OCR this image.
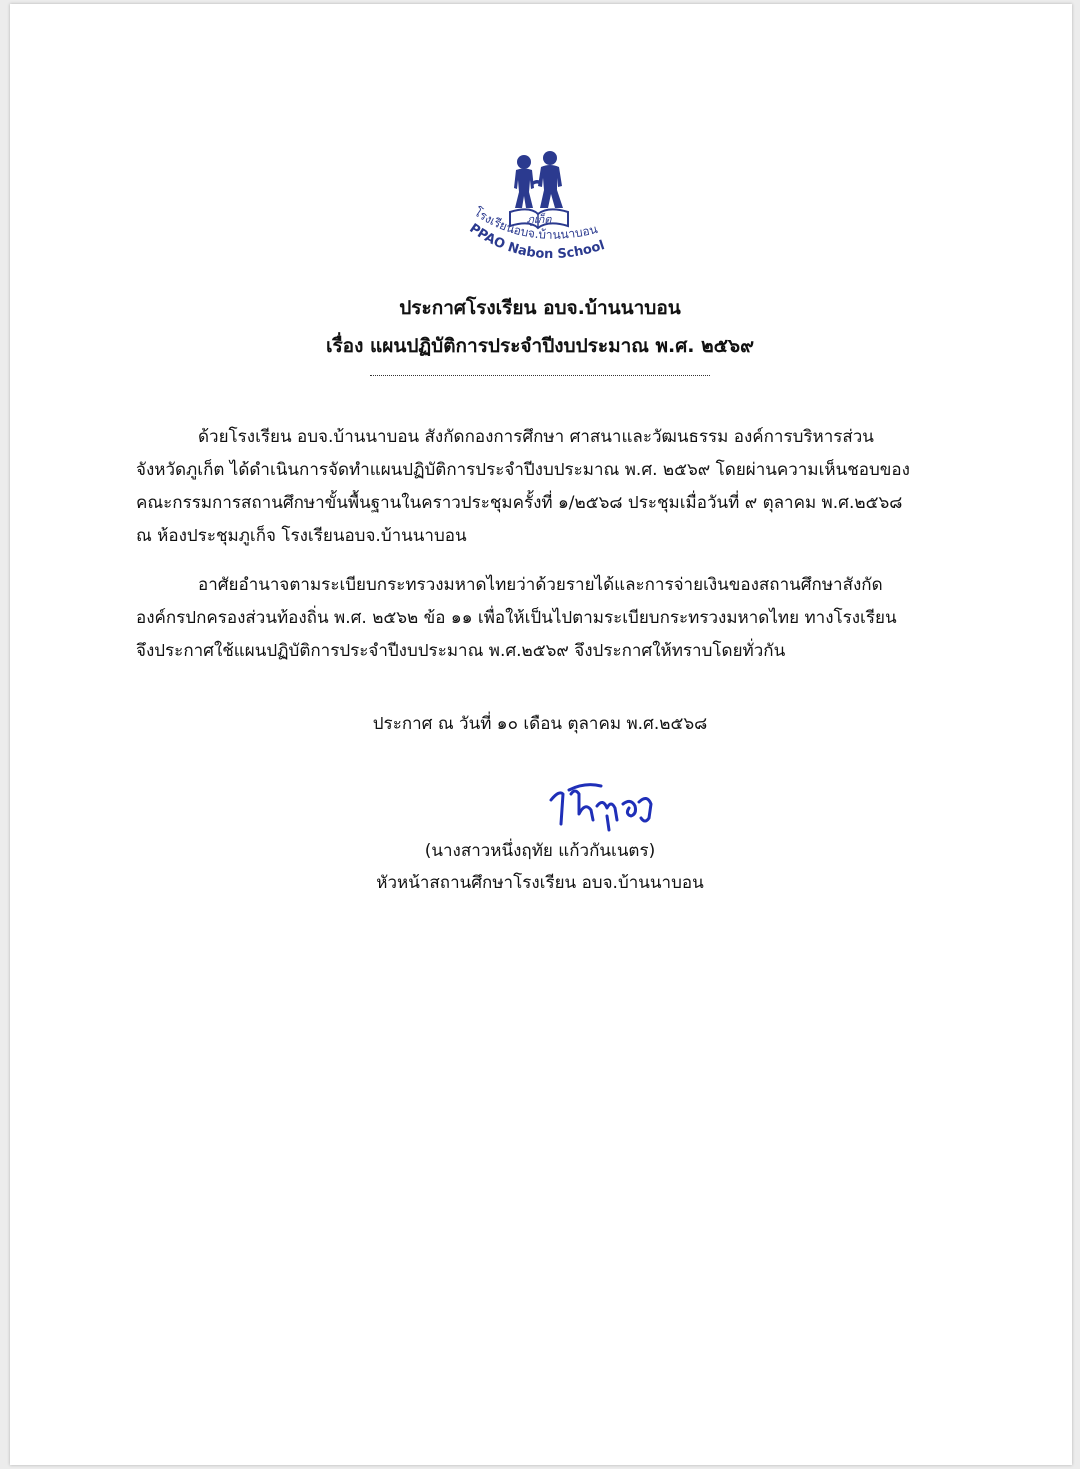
ภูเก็ต
โรงเรียนอบจ.บ้านนาบอน
PPAO Nabon School
ประกาศโรงเรียน อบจ.บ้านนาบอน
เรื่อง แผนปฏิบัติการประจำปีงบประมาณ พ.ศ. ๒๕๖๙
ด้วยโรงเรียน อบจ.บ้านนาบอน สังกัดกองการศึกษา ศาสนาและวัฒนธรรม องค์การบริหารส่วน
จังหวัดภูเก็ต ได้ดำเนินการจัดทำแผนปฏิบัติการประจำปีงบประมาณ พ.ศ. ๒๕๖๙ โดยผ่านความเห็นชอบของ
คณะกรรมการสถานศึกษาขั้นพื้นฐานในคราวประชุมครั้งที่ ๑/๒๕๖๘ ประชุมเมื่อวันที่ ๙ ตุลาคม พ.ศ.๒๕๖๘
ณ ห้องประชุมภูเก็จ โรงเรียนอบจ.บ้านนาบอน
อาศัยอำนาจตามระเบียบกระทรวงมหาดไทยว่าด้วยรายได้และการจ่ายเงินของสถานศึกษาสังกัด
องค์กรปกครองส่วนท้องถิ่น พ.ศ. ๒๕๖๒ ข้อ ๑๑ เพื่อให้เป็นไปตามระเบียบกระทรวงมหาดไทย ทางโรงเรียน
จึงประกาศใช้แผนปฏิบัติการประจำปีงบประมาณ พ.ศ.๒๕๖๙ จึงประกาศให้ทราบโดยทั่วกัน
ประกาศ ณ วันที่ ๑๐ เดือน ตุลาคม พ.ศ.๒๕๖๘
(นางสาวหนึ่งฤทัย แก้วกันเนตร)
หัวหน้าสถานศึกษาโรงเรียน อบจ.บ้านนาบอน
